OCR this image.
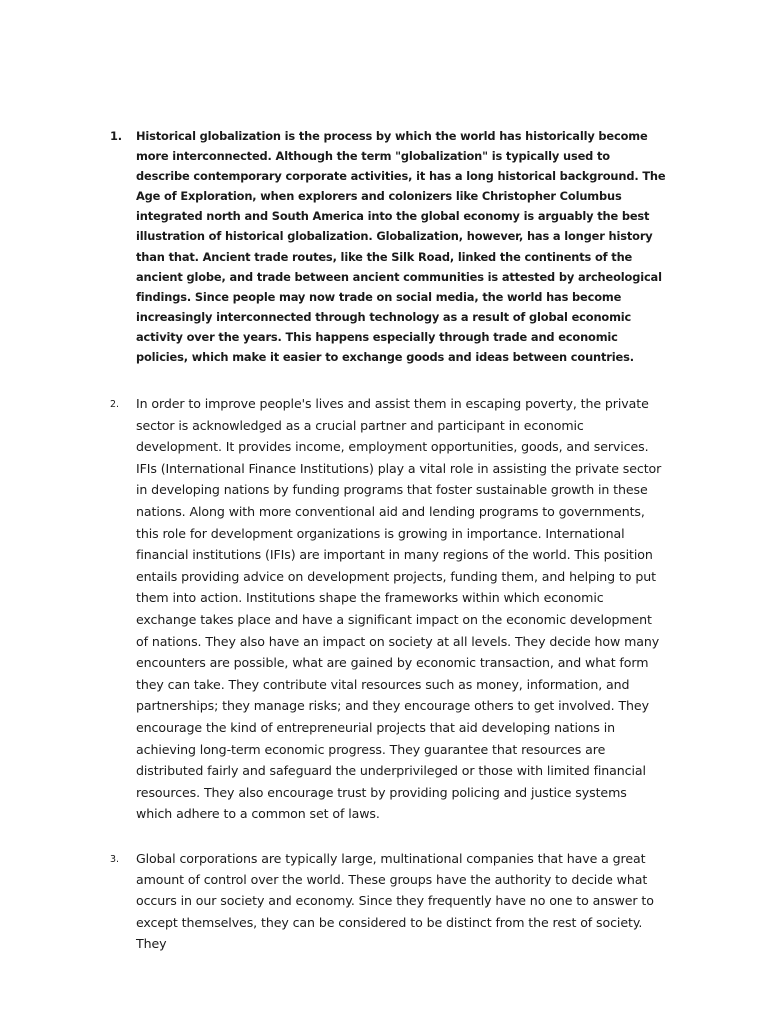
1.	Historical globalization is the process by which the world has historically become more interconnected. Although the term "globalization" is typically used to describe contemporary corporate activities, it has a long historical background. The Age of Exploration, when explorers and colonizers like Christopher Columbus integrated north and South America into the global economy is arguably the best illustration of historical globalization. Globalization, however, has a longer history than that. Ancient trade routes, like the Silk Road, linked the continents of the ancient globe, and trade between ancient communities is attested by archeological findings. Since people may now trade on social media, the world has become increasingly interconnected through technology as a result of global economic activity over the years. This happens especially through trade and economic policies, which make it easier to exchange goods and ideas between countries.

2.	In order to improve people's lives and assist them in escaping poverty, the private sector is acknowledged as a crucial partner and participant in economic development. It provides income, employment opportunities, goods, and services. IFIs (International Finance Institutions) play a vital role in assisting the private sector in developing nations by funding programs that foster sustainable growth in these nations. Along with more conventional aid and lending programs to governments, this role for development organizations is growing in importance. International financial institutions (IFIs) are important in many regions of the world. This position entails providing advice on development projects, funding them, and helping to put them into action. Institutions shape the frameworks within which economic exchange takes place and have a significant impact on the economic development of nations. They also have an impact on society at all levels. They decide how many encounters are possible, what are gained by economic transaction, and what form they can take. They contribute vital resources such as money, information, and partnerships; they manage risks; and they encourage others to get involved. They encourage the kind of entrepreneurial projects that aid developing nations in achieving long-term economic progress. They guarantee that resources are distributed fairly and safeguard the underprivileged or those with limited financial resources. They also encourage trust by providing policing and justice systems which adhere to a common set of laws.

3.	Global corporations are typically large, multinational companies that have a great amount of control over the world. These groups have the authority to decide what occurs in our society and economy. Since they frequently have no one to answer to except themselves, they can be considered to be distinct from the rest of society. They
